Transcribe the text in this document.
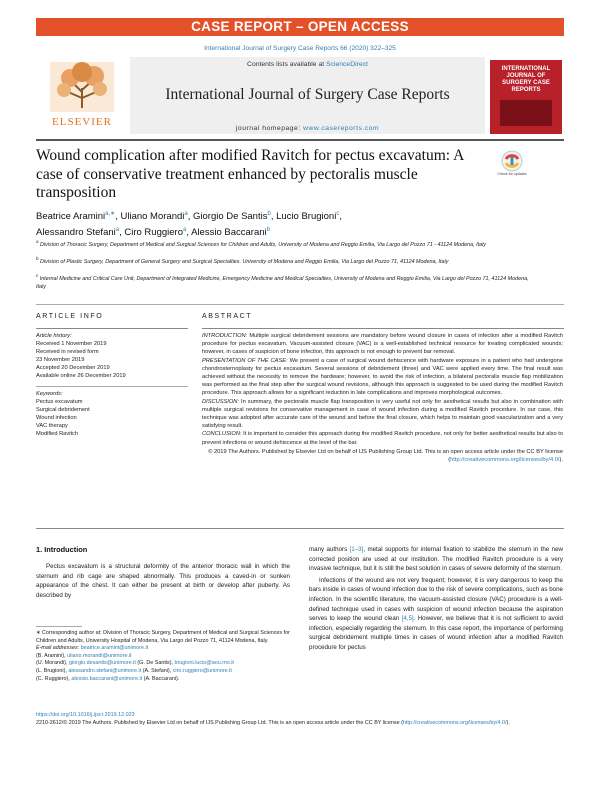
CASE REPORT – OPEN ACCESS
International Journal of Surgery Case Reports 66 (2020) 322–325
ELSEVIER
Contents lists available at ScienceDirect
International Journal of Surgery Case Reports
journal homepage: www.casereports.com
INTERNATIONAL JOURNAL OF SURGERY CASE REPORTS
Wound complication after modified Ravitch for pectus excavatum: A case of conservative treatment enhanced by pectoralis muscle transposition
Check for updates
Beatrice Aramini$^{a,∗}$, Uliano Morandi$^a$, Giorgio De Santis$^b$, Lucio Brugioni$^c$,
Alessandro Stefani$^a$, Ciro Ruggiero$^a$, Alessio Baccarani$^b$
$^a$ Division of Thoracic Surgery, Department of Medical and Surgical Sciences for Children and Adults, University of Modena and Reggio Emilia, Via Largo del Pozzo 71 - 41124 Modena, Italy
$^b$ Division of Plastic Surgery, Department of General Surgery and Surgical Specialties. University of Modena and Reggio Emilia, Via Largo del Pozzo 71, 41124 Modena, Italy
$^c$ Internal Medicine and Critical Care Unit, Department of Integrated Medicine, Emergency Medicine and Medical Specialties, University of Modena and Reggio Emilia, Via Largo del Pozzo 71, 41124 Modena, Italy
ARTICLE INFO
Article history:
Received 1 November 2019
Received in revised form
23 November 2019
Accepted 20 December 2019
Available online 26 December 2019
Keywords:
Pectus excavatum
Surgical debridement
Wound infection
VAC therapy
Modified Ravitch
ABSTRACT
INTRODUCTION: Multiple surgical debridement sessions are mandatory before wound closure in cases of infection after a modified Ravitch procedure for pectus excavatum. Vacuum-assisted closure (VAC) is a well-established technical resource for treating complicated wounds; however, in cases of suspicion of bone infection, this approach is not enough to prevent bar removal.
PRESENTATION OF THE CASE: We present a case of surgical wound dehiscence with hardware exposure in a patient who had undergone chondrosternoplasty for pectus excavatum. Several sessions of debridement (three) and VAC were applied every time. The final result was achieved without the necessity to remove the hardware; however, to avoid the risk of infection, a bilateral pectoralis muscle flap mobilization was performed as the final step after the surgical wound revisions, although this approach is suggested to be used during the modified Ravitch procedure. This approach allows for a significant reduction in late complications and improves morphological outcomes.
DISCUSSION: In summary, the pectoralis muscle flap transposition is very useful not only for aesthetical results but also in combination with multiple surgical revisions for conservative management in case of wound infection during a modified Ravitch procedure. In our case, this technique was adopted after accurate care of the wound and before the final closure, which helps to maintain good vascularization and a very satisfying result.
CONCLUSION: It is important to consider this approach during the modified Ravitch procedure, not only for better aesthetical results but also to prevent infections or wound dehiscence at the level of the bar.
© 2019 The Authors. Published by Elsevier Ltd on behalf of IJS Publishing Group Ltd. This is an open access article under the CC BY license (http://creativecommons.org/licenses/by/4.0/).
1. Introduction
Pectus excavatum is a structural deformity of the anterior thoracic wall in which the sternum and rib cage are shaped abnormally. This produces a caved-in or sunken appearance of the chest. It can either be present at birth or develop after puberty. As described by
many authors [1–3], metal supports for internal fixation to stabilize the sternum in the new corrected position are used at our institution. The modified Ravitch procedure is a very invasive technique, but it is still the best solution in cases of severe deformity of the sternum.
Infections of the wound are not very frequent; however, it is very dangerous to keep the bars inside in cases of wound infection due to the risk of severe complications, such as bone infection. In the scientific literature, the vacuum-assisted closure (VAC) procedure is a well-defined technique used in cases with suspicion of wound infection because the aspiration serves to keep the wound clean [4,5]. However, we believe that it is not sufficient to avoid infection, especially regarding the sternum. In this case report, the importance of performing surgical debridement multiple times in cases of wound infection after a modified Ravitch procedure for pectus
∗ Corresponding author at: Division of Thoracic Surgery, Department of Medical and Surgical Sciences for Children and Adults, University Hospital of Modena, Via Largo del Pozzo 71, 41124 Modena, Italy.
E-mail addresses: beatrice.aramini@unimore.it
(B. Aramini), uliano.morandi@unimore.it
(U. Morandi), giorgio.desantis@unimore.it (G. De Santis), brugioni.lucio@aou.mo.it
(L. Brugioni), alessandro.stefani@unimore.it (A. Stefani), ciro.ruggiero@unimore.it
(C. Ruggiero), alessio.baccarani@unimore.it (A. Baccarani).
https://doi.org/10.1016/j.ijscr.2019.12.023
2210-2612/© 2019 The Authors. Published by Elsevier Ltd on behalf of IJS Publishing Group Ltd. This is an open access article under the CC BY license (http://creativecommons.org/licenses/by/4.0/).
